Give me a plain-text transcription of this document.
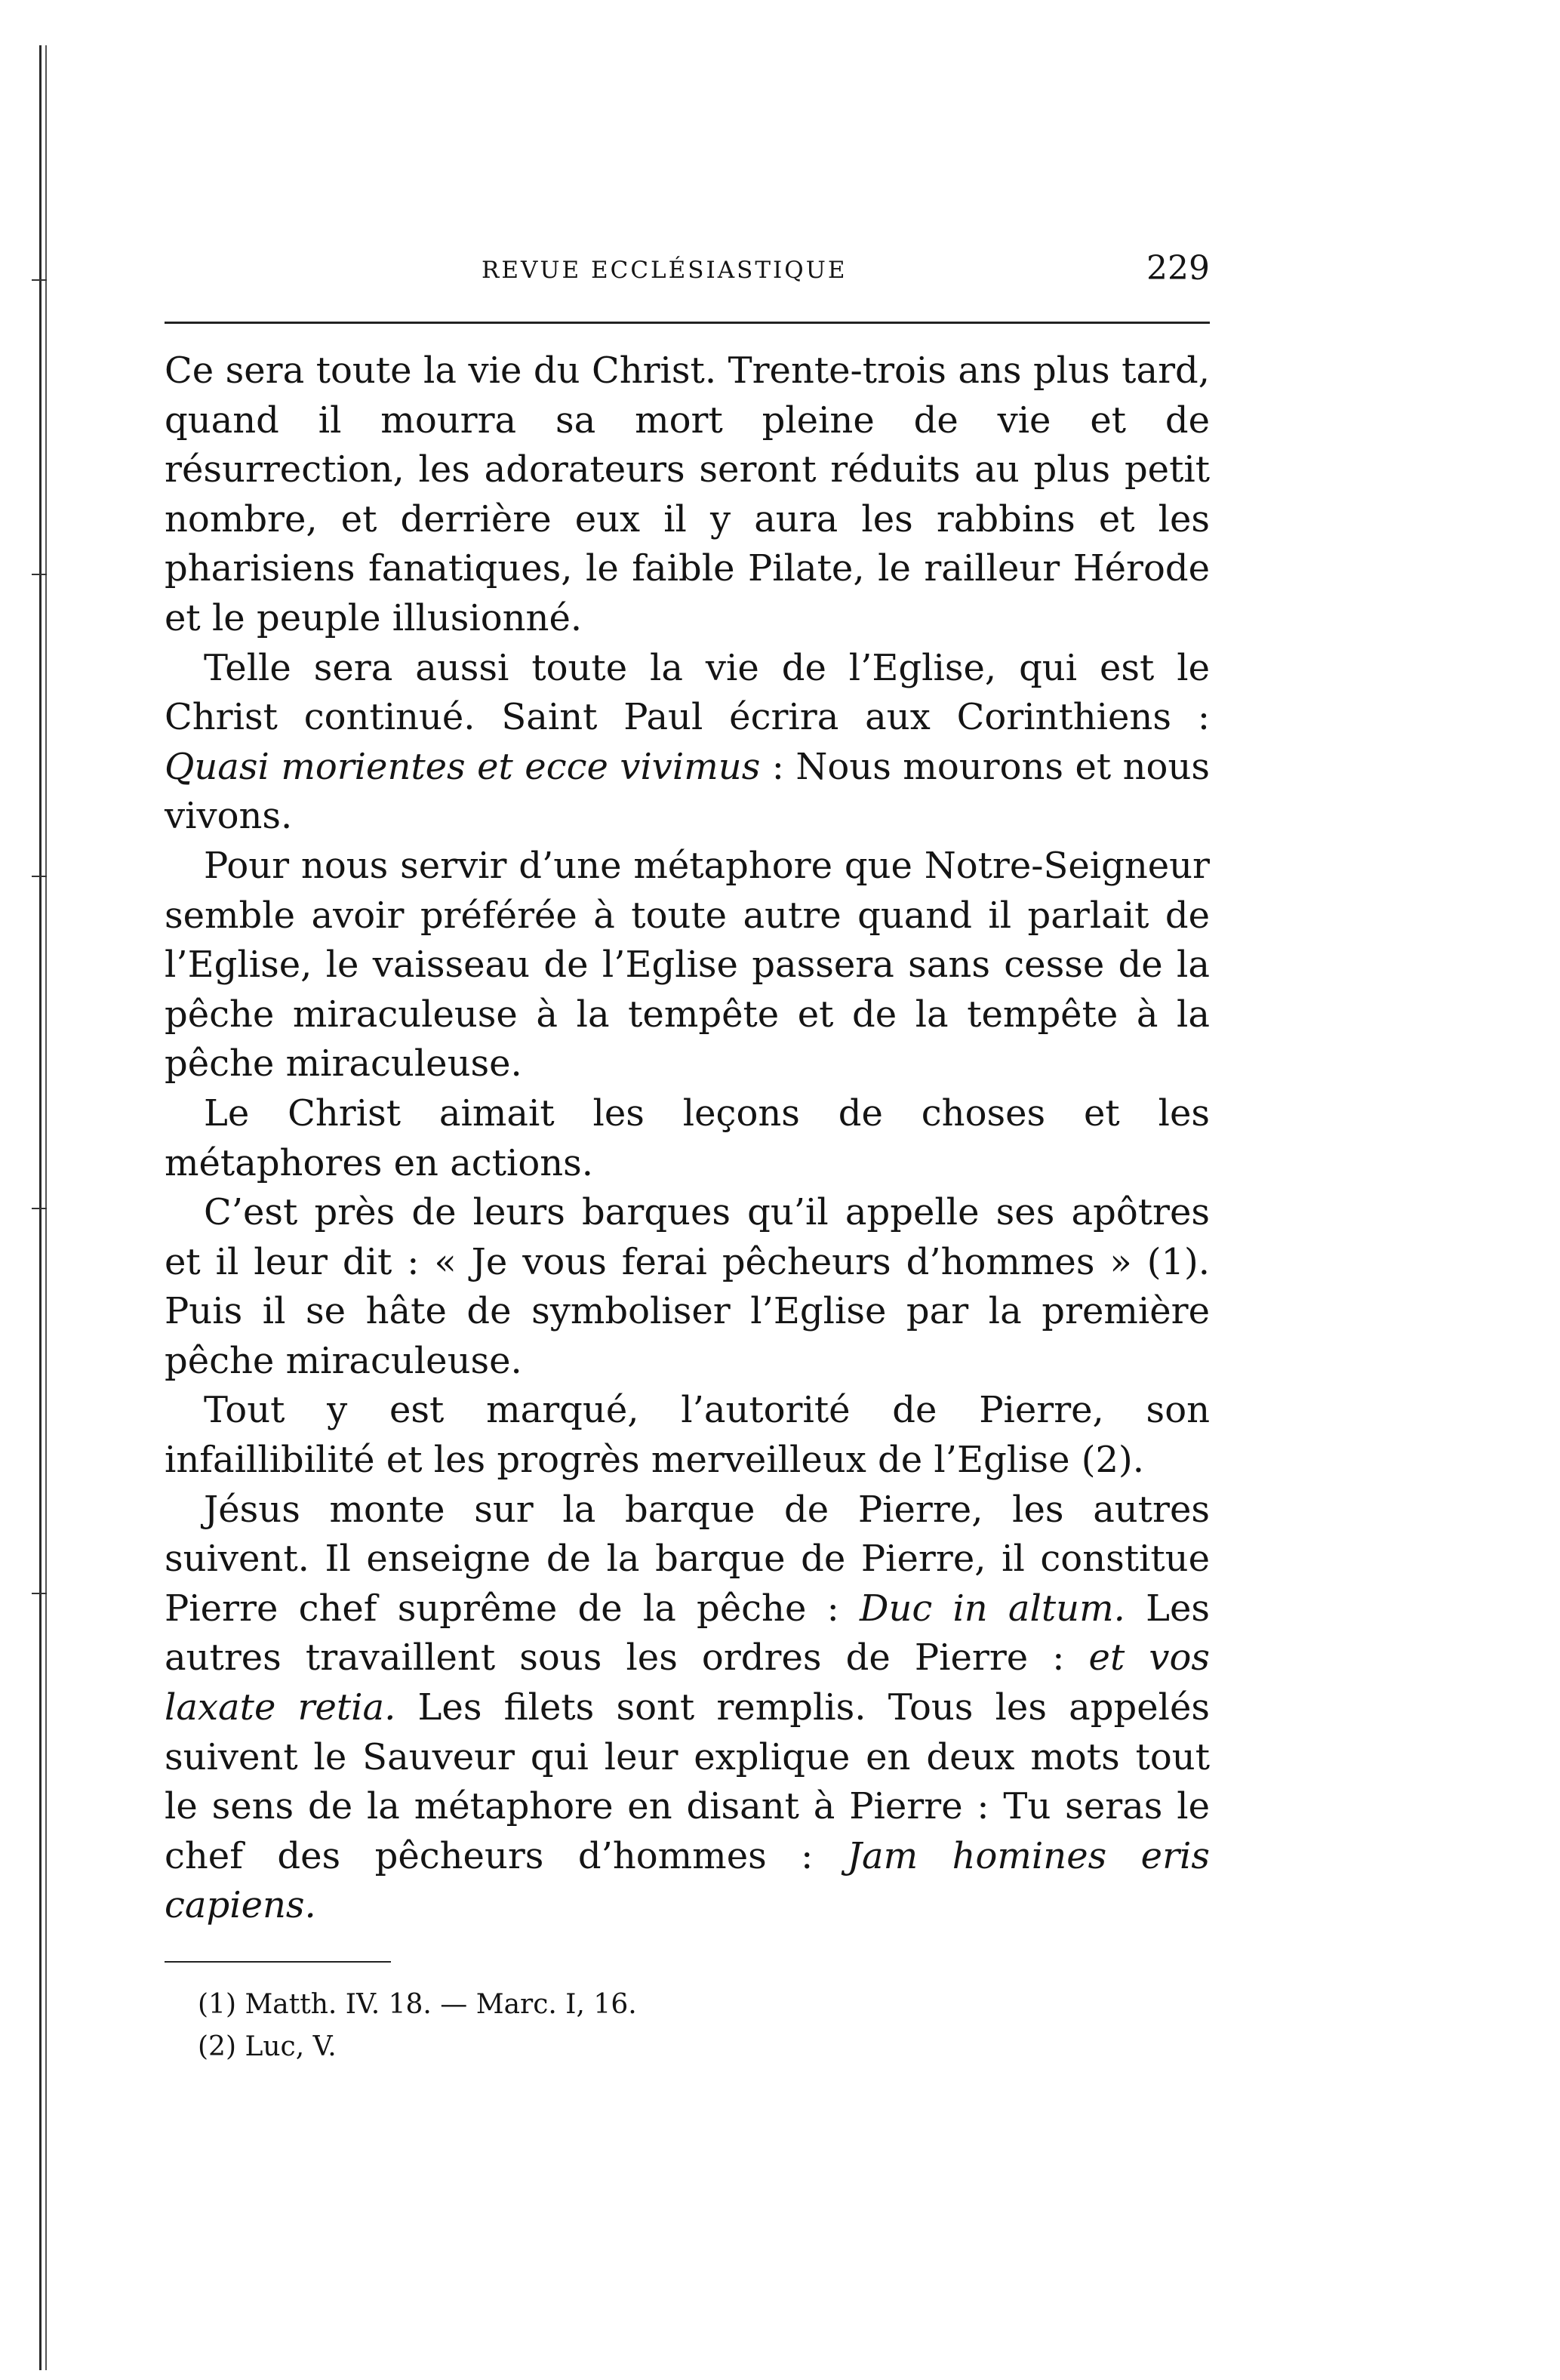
REVUE ECCLÉSIASTIQUE	229

Ce sera toute la vie du Christ. Trente-trois ans plus tard, quand il mourra sa mort pleine de vie et de résurrection, les adorateurs seront réduits au plus petit nombre, et derrière eux il y aura les rabbins et les pharisiens fanatiques, le faible Pilate, le railleur Hérode et le peuple illusionné.

Telle sera aussi toute la vie de l’Eglise, qui est le Christ continué. Saint Paul écrira aux Corinthiens : Quasi morientes et ecce vivimus : Nous mourons et nous vivons.

Pour nous servir d’une métaphore que Notre-Seigneur semble avoir préférée à toute autre quand il parlait de l’Eglise, le vaisseau de l’Eglise passera sans cesse de la pêche miraculeuse à la tempête et de la tempête à la pêche miraculeuse.

Le Christ aimait les leçons de choses et les métaphores en actions.

C’est près de leurs barques qu’il appelle ses apôtres et il leur dit : « Je vous ferai pêcheurs d’hommes » (1). Puis il se hâte de symboliser l’Eglise par la première pêche miraculeuse.

Tout y est marqué, l’autorité de Pierre, son infaillibilité et les progrès merveilleux de l’Eglise (2).

Jésus monte sur la barque de Pierre, les autres suivent. Il enseigne de la barque de Pierre, il constitue Pierre chef suprême de la pêche : Duc in altum. Les autres travaillent sous les ordres de Pierre : et vos laxate retia. Les filets sont remplis. Tous les appelés suivent le Sauveur qui leur explique en deux mots tout le sens de la métaphore en disant à Pierre : Tu seras le chef des pêcheurs d’hommes : Jam homines eris capiens.

(1) Matth. IV. 18. — Marc. I, 16.
(2) Luc, V.
